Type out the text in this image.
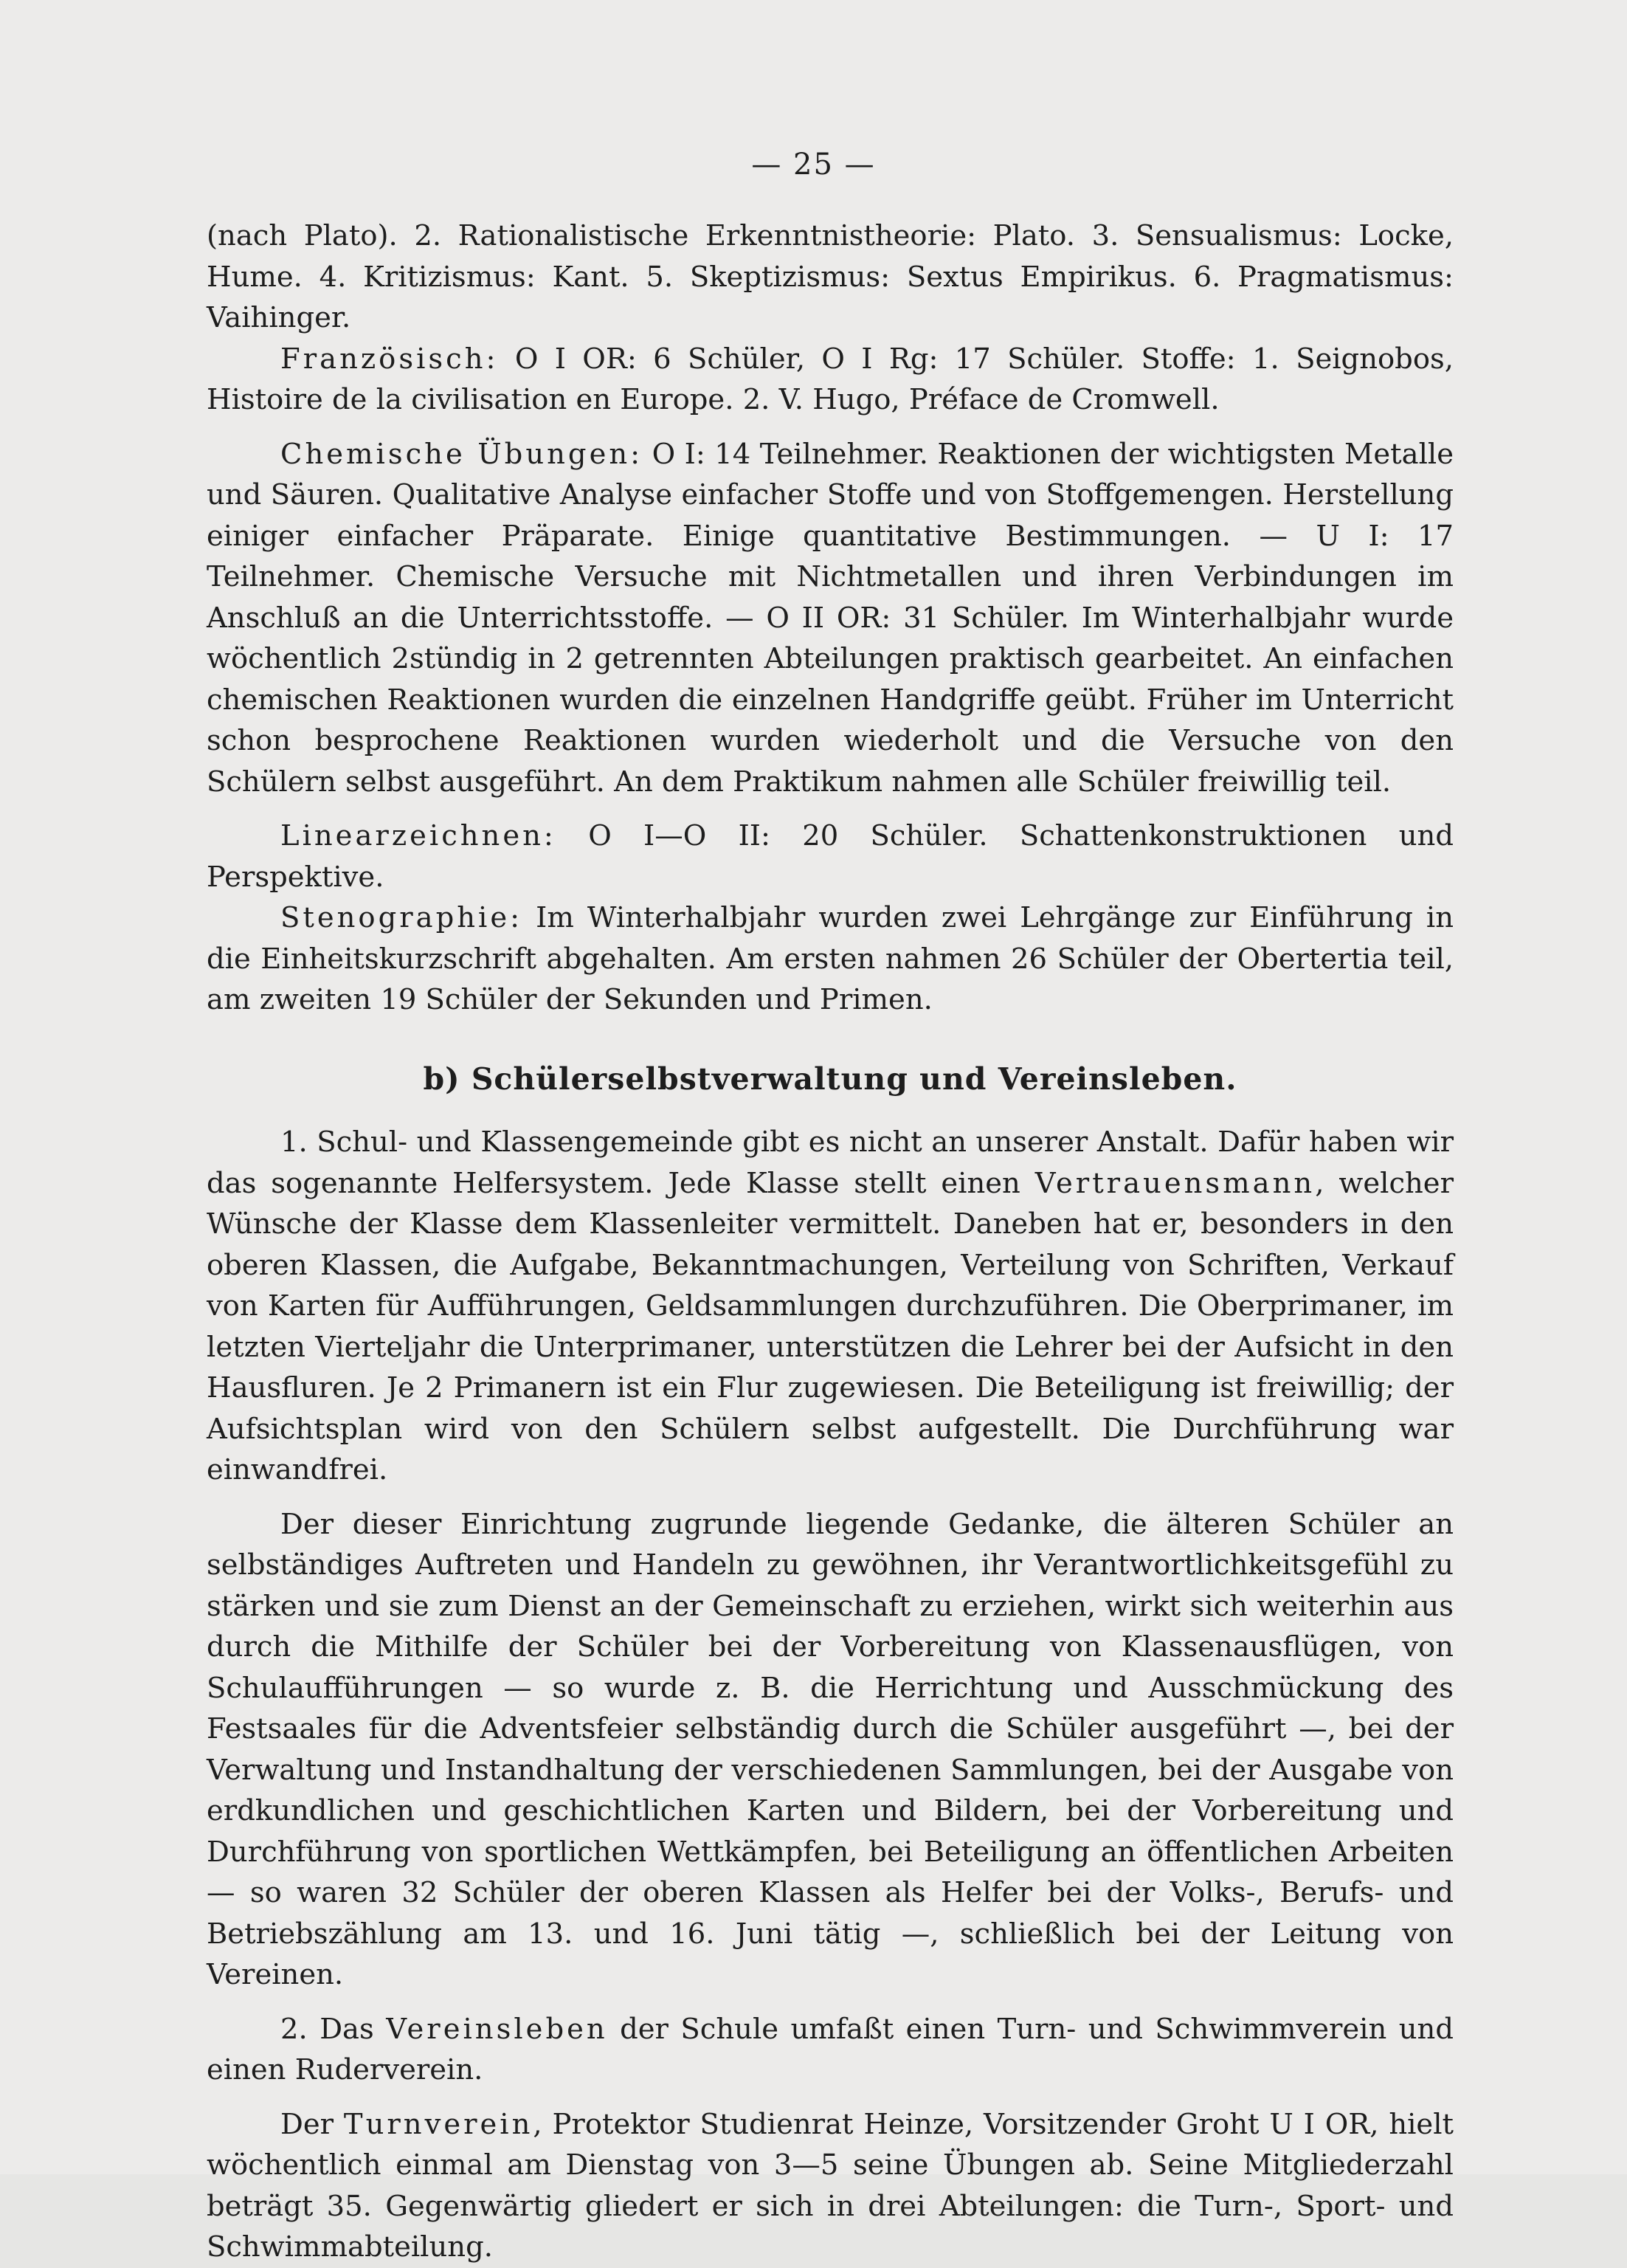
— 25 —

(nach Plato). 2. Rationalistische Erkenntnistheorie: Plato. 3. Sensualismus: Locke, Hume. 4. Kritizismus: Kant. 5. Skeptizismus: Sextus Empirikus. 6. Pragmatismus: Vaihinger.

Französisch: O I OR: 6 Schüler, O I Rg: 17 Schüler. Stoffe: 1. Seignobos, Histoire de la civilisation en Europe. 2. V. Hugo, Préface de Cromwell.

Chemische Übungen: O I: 14 Teilnehmer. Reaktionen der wichtigsten Metalle und Säuren. Qualitative Analyse einfacher Stoffe und von Stoffgemengen. Herstellung einiger einfacher Präparate. Einige quantitative Bestimmungen. — U I: 17 Teilnehmer. Chemische Versuche mit Nichtmetallen und ihren Verbindungen im Anschluß an die Unterrichtsstoffe. — O II OR: 31 Schüler. Im Winterhalbjahr wurde wöchentlich 2stündig in 2 getrennten Abteilungen praktisch gearbeitet. An einfachen chemischen Reaktionen wurden die einzelnen Handgriffe geübt. Früher im Unterricht schon besprochene Reaktionen wurden wiederholt und die Versuche von den Schülern selbst ausgeführt. An dem Praktikum nahmen alle Schüler freiwillig teil.

Linearzeichnen: O I—O II: 20 Schüler. Schattenkonstruktionen und Perspektive.

Stenographie: Im Winterhalbjahr wurden zwei Lehrgänge zur Einführung in die Einheitskurzschrift abgehalten. Am ersten nahmen 26 Schüler der Obertertia teil, am zweiten 19 Schüler der Sekunden und Primen.

b) Schülerselbstverwaltung und Vereinsleben.

1. Schul- und Klassengemeinde gibt es nicht an unserer Anstalt. Dafür haben wir das sogenannte Helfersystem. Jede Klasse stellt einen Vertrauensmann, welcher Wünsche der Klasse dem Klassenleiter vermittelt. Daneben hat er, besonders in den oberen Klassen, die Aufgabe, Bekanntmachungen, Verteilung von Schriften, Verkauf von Karten für Aufführungen, Geldsammlungen durchzuführen. Die Oberprimaner, im letzten Vierteljahr die Unterprimaner, unterstützen die Lehrer bei der Aufsicht in den Hausfluren. Je 2 Primanern ist ein Flur zugewiesen. Die Beteiligung ist freiwillig; der Aufsichtsplan wird von den Schülern selbst aufgestellt. Die Durchführung war einwandfrei.

Der dieser Einrichtung zugrunde liegende Gedanke, die älteren Schüler an selbständiges Auftreten und Handeln zu gewöhnen, ihr Verantwortlichkeitsgefühl zu stärken und sie zum Dienst an der Gemeinschaft zu erziehen, wirkt sich weiterhin aus durch die Mithilfe der Schüler bei der Vorbereitung von Klassenausflügen, von Schulaufführungen — so wurde z. B. die Herrichtung und Ausschmückung des Festsaales für die Adventsfeier selbständig durch die Schüler ausgeführt —, bei der Verwaltung und Instandhaltung der verschiedenen Sammlungen, bei der Ausgabe von erdkundlichen und geschichtlichen Karten und Bildern, bei der Vorbereitung und Durchführung von sportlichen Wettkämpfen, bei Beteiligung an öffentlichen Arbeiten — so waren 32 Schüler der oberen Klassen als Helfer bei der Volks-, Berufs- und Betriebszählung am 13. und 16. Juni tätig —, schließlich bei der Leitung von Vereinen.

2. Das Vereinsleben der Schule umfaßt einen Turn- und Schwimmverein und einen Ruderverein.

Der Turnverein, Protektor Studienrat Heinze, Vorsitzender Groht U I OR, hielt wöchentlich einmal am Dienstag von 3—5 seine Übungen ab. Seine Mitgliederzahl beträgt 35. Gegenwärtig gliedert er sich in drei Abteilungen: die Turn-, Sport- und Schwimmabteilung.
